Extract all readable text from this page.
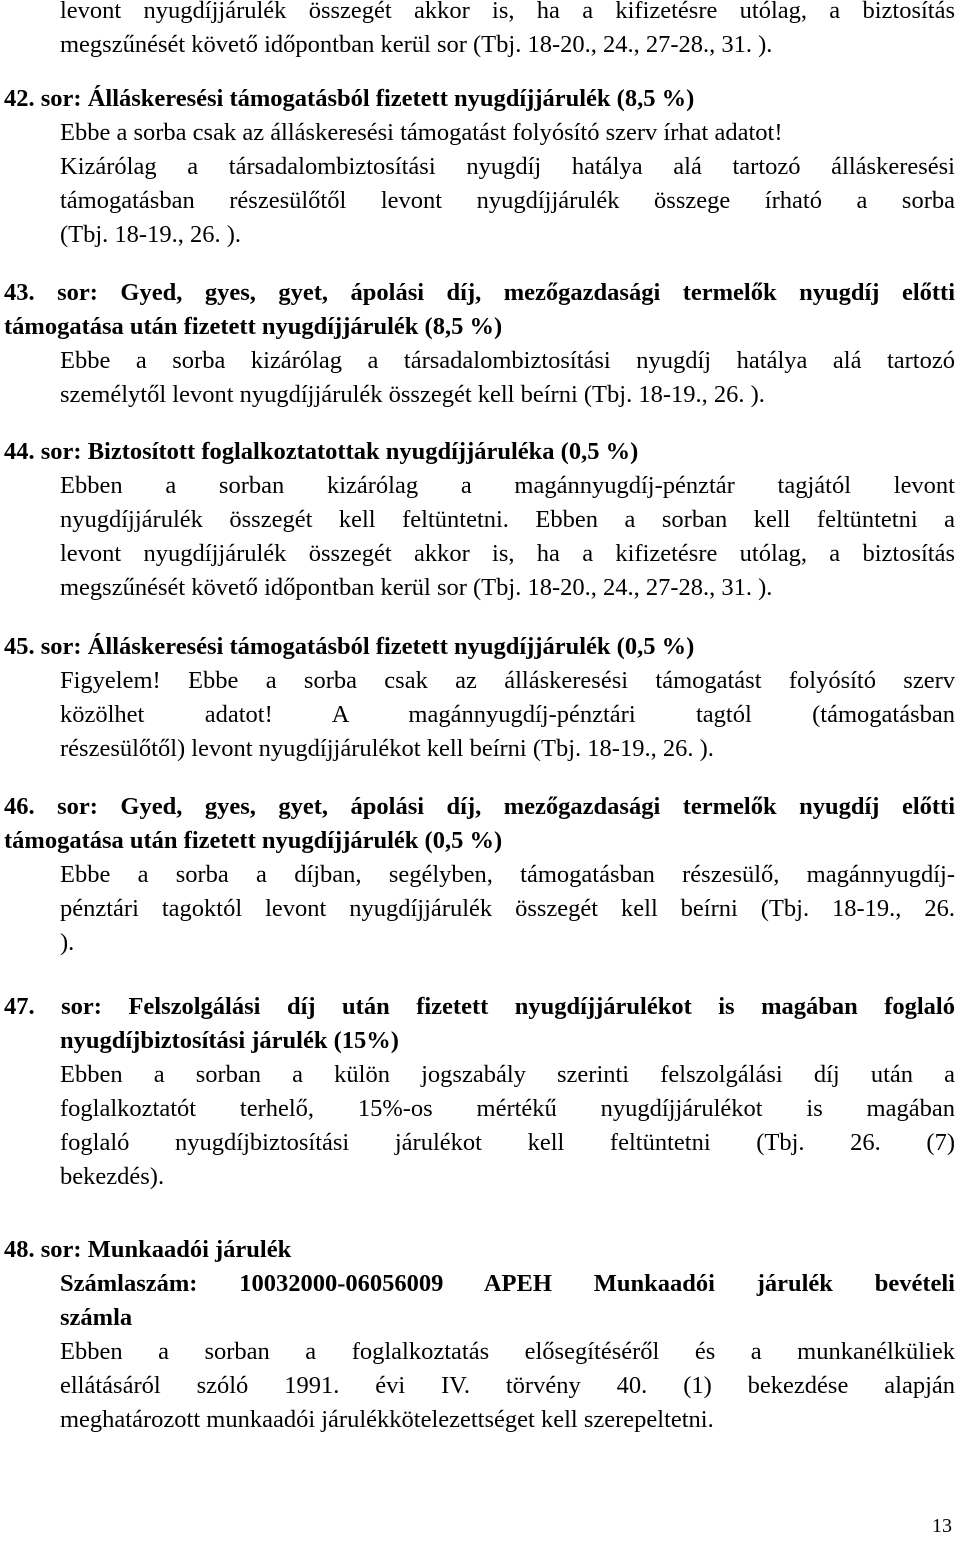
13
levont nyugdíjjárulék összegét akkor is, ha a kifizetésre utólag, a biztosítás
megszűnését követő időpontban kerül sor (Tbj. 18-20., 24., 27-28., 31. ).
42. sor: Álláskeresési támogatásból fizetett nyugdíjjárulék (8,5 %)
Ebbe a sorba csak az álláskeresési támogatást folyósító szerv írhat adatot!
Kizárólag a társadalombiztosítási nyugdíj hatálya alá tartozó álláskeresési
támogatásban részesülőtől levont nyugdíjjárulék összege írható a sorba
(Tbj. 18-19., 26. ).
43. sor: Gyed, gyes, gyet, ápolási díj, mezőgazdasági termelők nyugdíj előtti
támogatása után fizetett nyugdíjjárulék (8,5 %)
Ebbe a sorba kizárólag a társadalombiztosítási nyugdíj hatálya alá tartozó
személytől levont nyugdíjjárulék összegét kell beírni (Tbj. 18-19., 26. ).
44. sor: Biztosított foglalkoztatottak nyugdíjjáruléka (0,5 %)
Ebben a sorban kizárólag a magánnyugdíj-pénztár tagjától levont
nyugdíjjárulék összegét kell feltüntetni. Ebben a sorban kell feltüntetni a
levont nyugdíjjárulék összegét akkor is, ha a kifizetésre utólag, a biztosítás
megszűnését követő időpontban kerül sor (Tbj. 18-20., 24., 27-28., 31. ).
45. sor: Álláskeresési támogatásból fizetett nyugdíjjárulék (0,5 %)
Figyelem! Ebbe a sorba csak az álláskeresési támogatást folyósító szerv
közölhet adatot! A magánnyugdíj-pénztári tagtól (támogatásban
részesülőtől) levont nyugdíjjárulékot kell beírni (Tbj. 18-19., 26. ).
46. sor: Gyed, gyes, gyet, ápolási díj, mezőgazdasági termelők nyugdíj előtti
támogatása után fizetett nyugdíjjárulék (0,5 %)
Ebbe a sorba a díjban, segélyben, támogatásban részesülő, magánnyugdíj-
pénztári tagoktól levont nyugdíjjárulék összegét kell beírni (Tbj. 18-19., 26.
).
47. sor: Felszolgálási díj után fizetett nyugdíjjárulékot is magában foglaló
nyugdíjbiztosítási járulék (15%)
Ebben a sorban a külön jogszabály szerinti felszolgálási díj után a
foglalkoztatót terhelő, 15%-os mértékű nyugdíjjárulékot is magában
foglaló nyugdíjbiztosítási járulékot kell feltüntetni (Tbj. 26. (7)
bekezdés).
48. sor: Munkaadói járulék
Számlaszám: 10032000-06056009 APEH Munkaadói járulék bevételi
számla
Ebben a sorban a foglalkoztatás elősegítéséről és a munkanélküliek
ellátásáról szóló 1991. évi IV. törvény 40. (1) bekezdése alapján
meghatározott munkaadói járulékkötelezettséget kell szerepeltetni.
